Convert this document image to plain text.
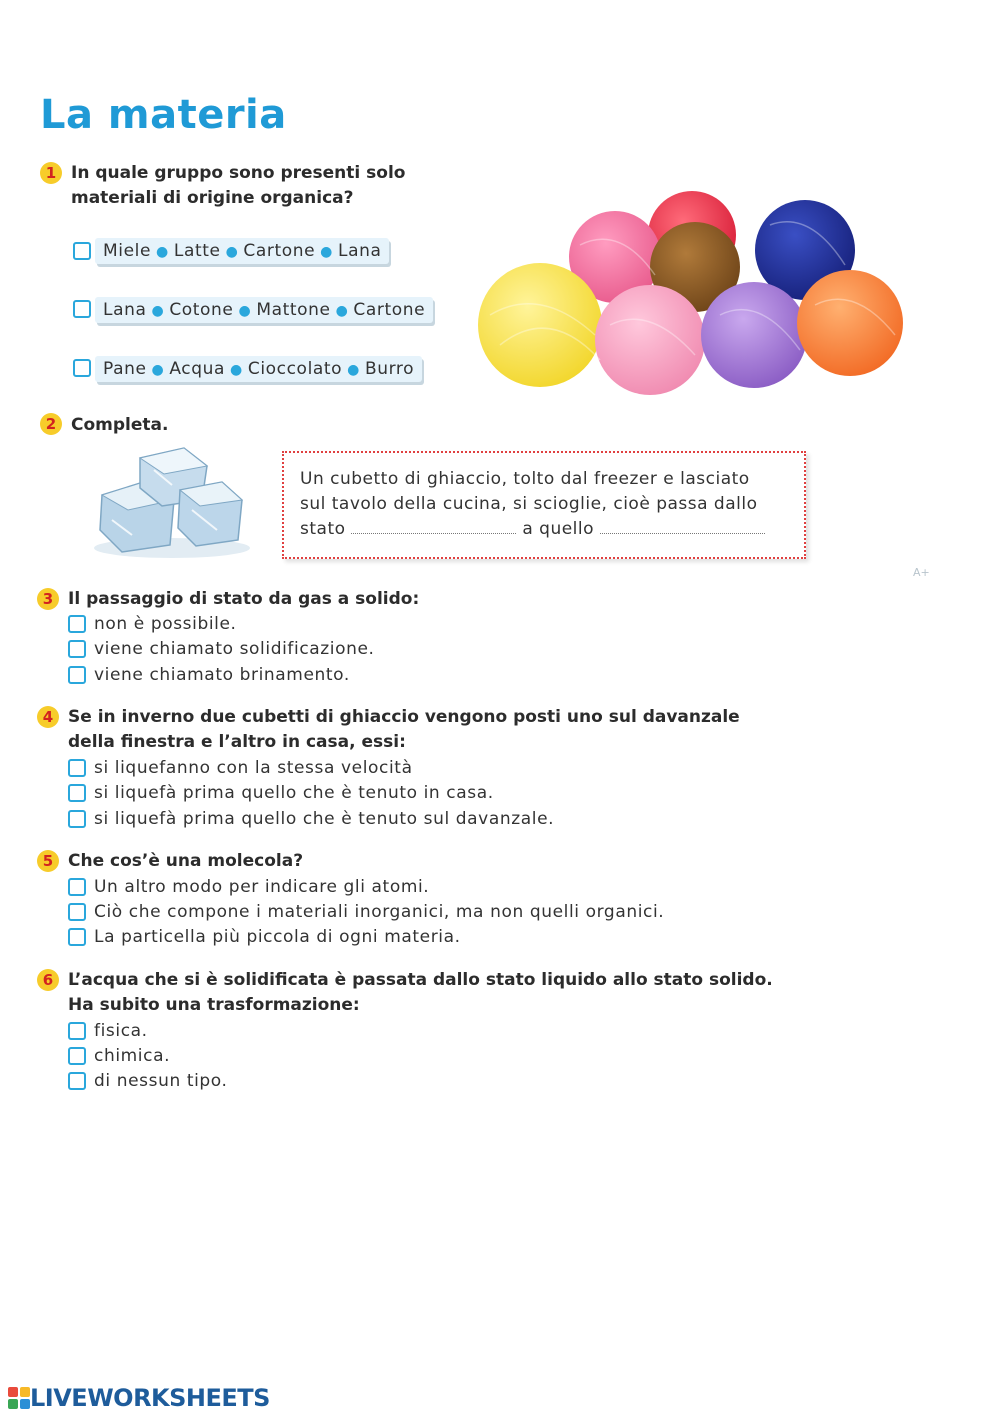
La materia
1 In quale gruppo sono presenti solo
materiali di origine organica?
Miele ● Latte ● Cartone ● Lana
Lana ● Cotone ● Mattone ● Cartone
Pane ● Acqua ● Cioccolato ● Burro
2 Completa.
Un cubetto di ghiaccio, tolto dal freezer e lasciato
sul tavolo della cucina, si scioglie, cioè passa dallo
stato	a quello
A+
3 Il passaggio di stato da gas a solido:
non è possibile.
viene chiamato solidificazione.
viene chiamato brinamento.
4 Se in inverno due cubetti di ghiaccio vengono posti uno sul davanzale
della finestra e l’altro in casa, essi:
si liquefanno con la stessa velocità
si liquefà prima quello che è tenuto in casa.
si liquefà prima quello che è tenuto sul davanzale.
5 Che cos’è una molecola?
Un altro modo per indicare gli atomi.
Ciò che compone i materiali inorganici, ma non quelli organici.
La particella più piccola di ogni materia.
6 L’acqua che si è solidificata è passata dallo stato liquido allo stato solido.
Ha subito una trasformazione:
fisica.
chimica.
di nessun tipo.
LIVEWORKSHEETS
